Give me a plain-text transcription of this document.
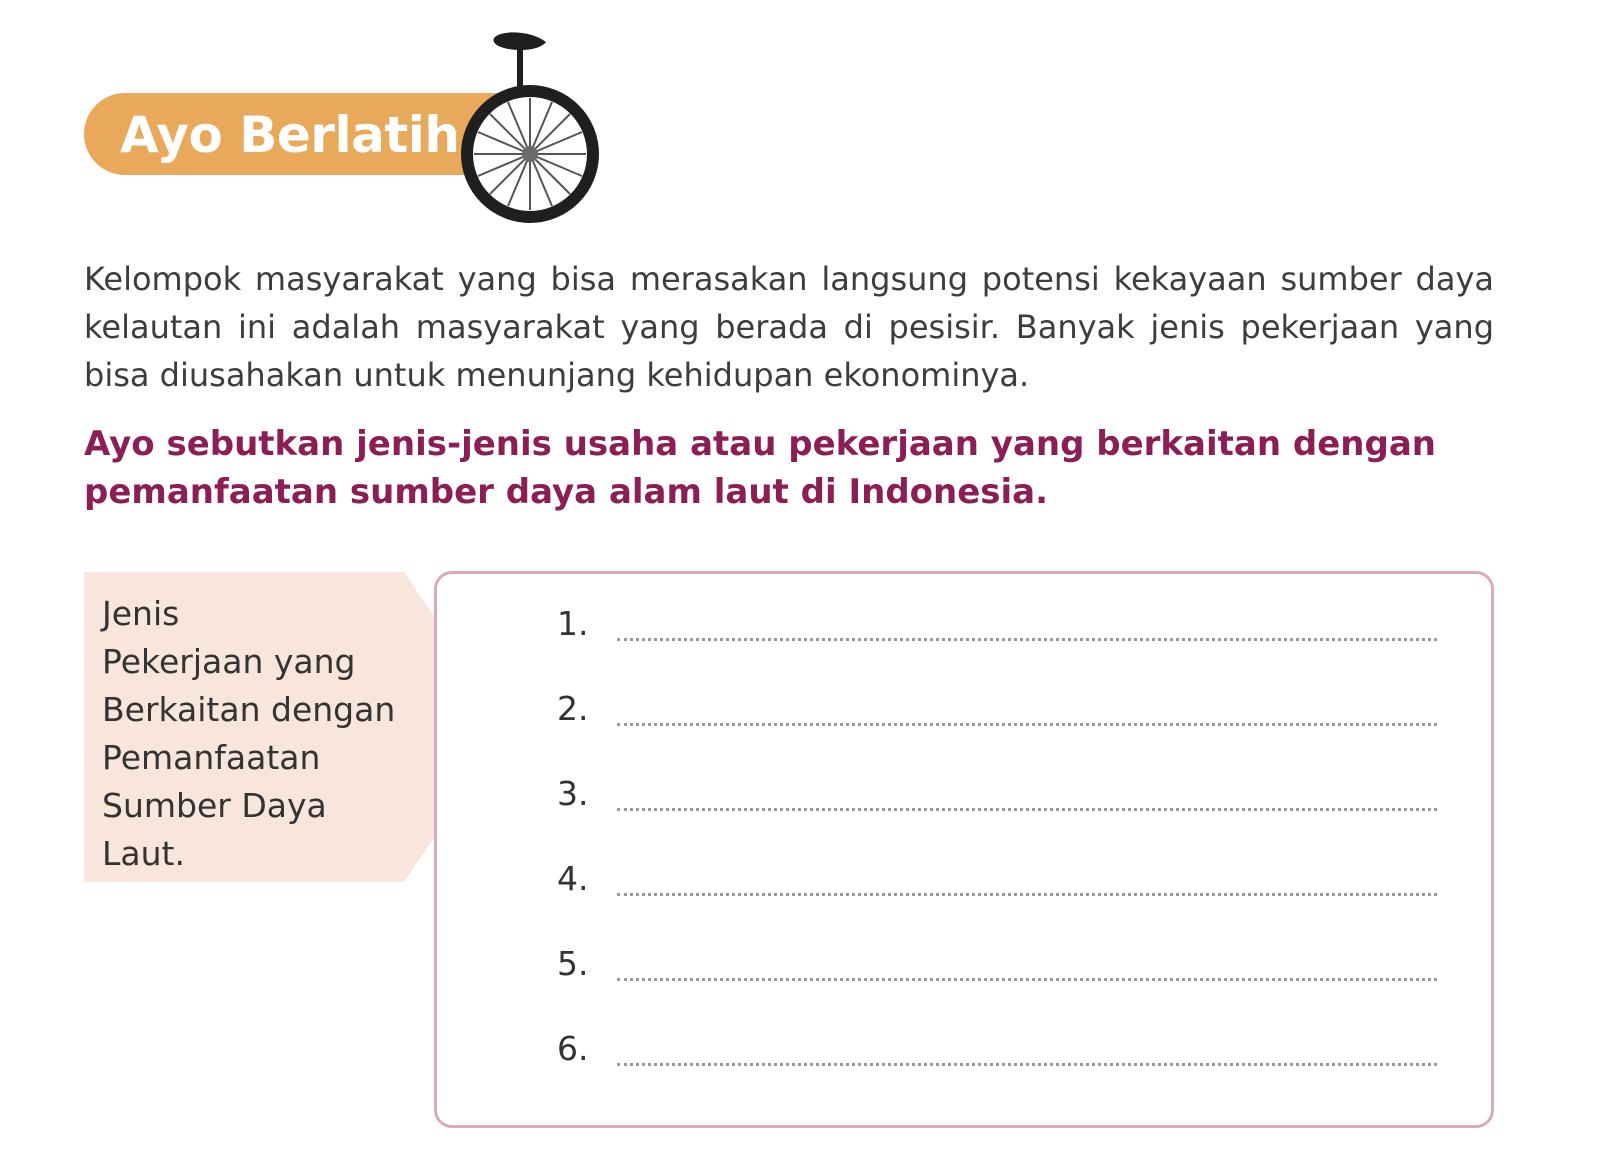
Ayo Berlatih

Kelompok masyarakat yang bisa merasakan langsung potensi kekayaan sumber daya kelautan ini adalah masyarakat yang berada di pesisir. Banyak jenis pekerjaan yang bisa diusahakan untuk menunjang kehidupan ekonominya.

Ayo sebutkan jenis-jenis usaha atau pekerjaan yang berkaitan dengan pemanfaatan sumber daya alam laut di Indonesia.

Jenis
Pekerjaan yang
Berkaitan dengan
Pemanfaatan
Sumber Daya
Laut.
1.
2.
3.
4.
5.
6.
